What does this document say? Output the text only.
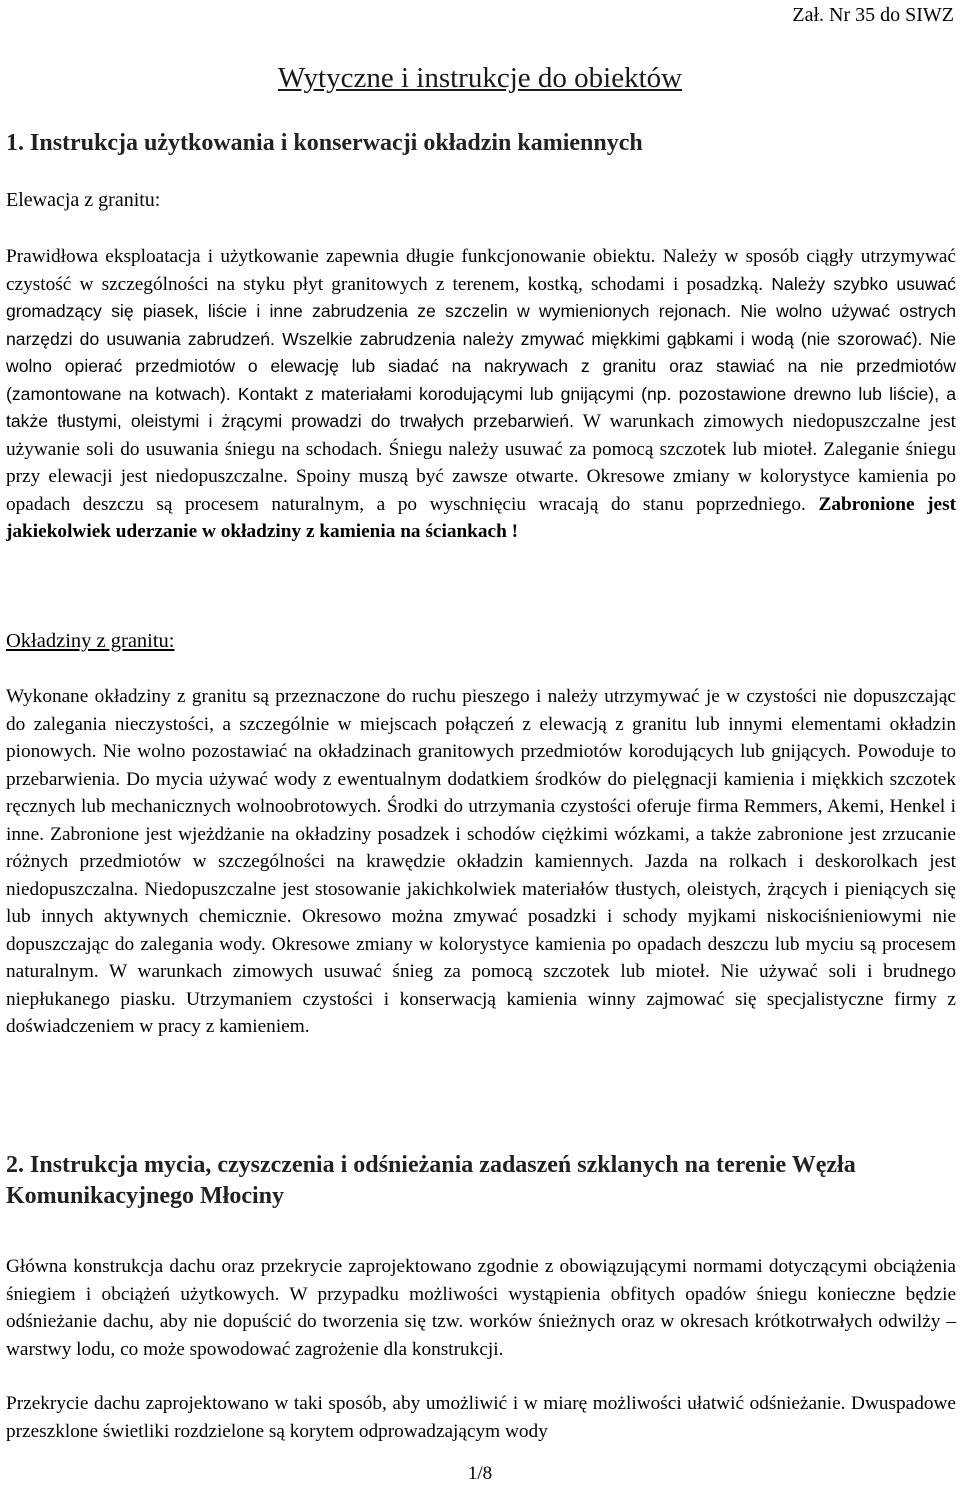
Zał. Nr 35 do SIWZ
Wytyczne i instrukcje do obiektów
1. Instrukcja użytkowania i konserwacji okładzin kamiennych
Elewacja z granitu:
Prawidłowa eksploatacja i użytkowanie zapewnia długie funkcjonowanie obiektu. Należy w sposób ciągły utrzymywać czystość w szczególności na styku płyt granitowych z terenem, kostką, schodami i posadzką. Należy szybko usuwać gromadzący się piasek, liście i inne zabrudzenia ze szczelin w wymienionych rejonach. Nie wolno używać ostrych narzędzi do usuwania zabrudzeń. Wszelkie zabrudzenia należy zmywać miękkimi gąbkami i wodą (nie szorować). Nie wolno opierać przedmiotów o elewację lub siadać na nakrywach z granitu oraz stawiać na nie przedmiotów (zamontowane na kotwach). Kontakt z materiałami korodującymi lub gnijącymi (np. pozostawione drewno lub liście), a także tłustymi, oleistymi i żrącymi prowadzi do trwałych przebarwień. W warunkach zimowych niedopuszczalne jest używanie soli do usuwania śniegu na schodach. Śniegu należy usuwać za pomocą szczotek lub mioteł. Zaleganie śniegu przy elewacji jest niedopuszczalne. Spoiny muszą być zawsze otwarte. Okresowe zmiany w kolorystyce kamienia po opadach deszczu są procesem naturalnym, a po wyschnięciu wracają do stanu poprzedniego. Zabronione jest jakiekolwiek uderzanie w okładziny z kamienia na ściankach !
Okładziny z granitu:
Wykonane okładziny z granitu są przeznaczone do ruchu pieszego i należy utrzymywać je w czystości nie dopuszczając do zalegania nieczystości, a szczególnie w miejscach połączeń z elewacją z granitu lub innymi elementami okładzin pionowych. Nie wolno pozostawiać na okładzinach granitowych przedmiotów korodujących lub gnijących. Powoduje to przebarwienia. Do mycia używać wody z ewentualnym dodatkiem środków do pielęgnacji kamienia i miękkich szczotek ręcznych lub mechanicznych wolnoobrotowych. Środki do utrzymania czystości oferuje firma Remmers, Akemi, Henkel i inne. Zabronione jest wjeżdżanie na okładziny posadzek i schodów ciężkimi wózkami, a także zabronione jest zrzucanie różnych przedmiotów w szczególności na krawędzie okładzin kamiennych. Jazda na rolkach i deskorolkach jest niedopuszczalna. Niedopuszczalne jest stosowanie jakichkolwiek materiałów tłustych, oleistych, żrących i pieniących się lub innych aktywnych chemicznie. Okresowo można zmywać posadzki i schody myjkami niskociśnieniowymi nie dopuszczając do zalegania wody. Okresowe zmiany w kolorystyce kamienia po opadach deszczu lub myciu są procesem naturalnym. W warunkach zimowych usuwać śnieg za pomocą szczotek lub mioteł. Nie używać soli i brudnego niepłukanego piasku. Utrzymaniem czystości i konserwacją kamienia winny zajmować się specjalistyczne firmy z doświadczeniem w pracy z kamieniem.
2. Instrukcja mycia, czyszczenia i odśnieżania zadaszeń szklanych na terenie Węzła Komunikacyjnego Młociny
Główna konstrukcja dachu oraz przekrycie zaprojektowano zgodnie z obowiązującymi normami dotyczącymi obciążenia śniegiem i obciążeń użytkowych. W przypadku możliwości wystąpienia obfitych opadów śniegu konieczne będzie odśnieżanie dachu, aby nie dopuścić do tworzenia się tzw. worków śnieżnych oraz w okresach krótkotrwałych odwilży – warstwy lodu, co może spowodować zagrożenie dla konstrukcji.
Przekrycie dachu zaprojektowano w taki sposób, aby umożliwić i w miarę możliwości ułatwić odśnieżanie. Dwuspadowe przeszklone świetliki rozdzielone są korytem odprowadzającym wody
1/8
